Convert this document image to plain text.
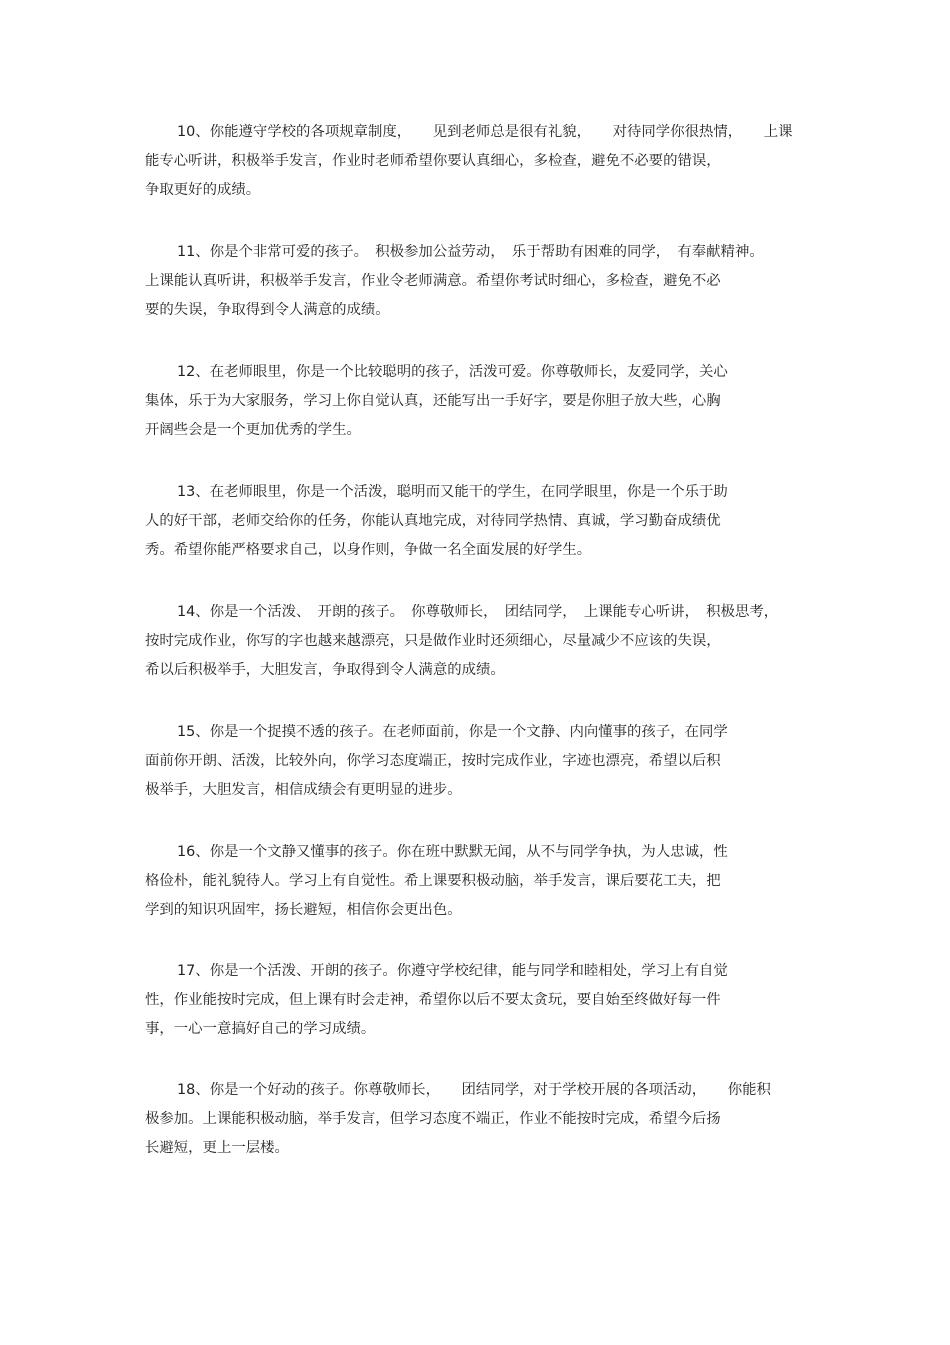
10、你能遵守学校的各项规章制度，　　见到老师总是很有礼貌，　　对待同学你很热情，　　上课
能专心听讲，积极举手发言，作业时老师希望你要认真细心，多检查，避免不必要的错误，
争取更好的成绩。
11、你是个非常可爱的孩子。　积极参加公益劳动，　乐于帮助有困难的同学，　有奉献精神。
上课能认真听讲，积极举手发言，作业令老师满意。希望你考试时细心，多检查，避免不必
要的失误，争取得到令人满意的成绩。
12、在老师眼里，你是一个比较聪明的孩子，活泼可爱。你尊敬师长，友爱同学，关心
集体，乐于为大家服务，学习上你自觉认真，还能写出一手好字，要是你胆子放大些，心胸
开阔些会是一个更加优秀的学生。
13、在老师眼里，你是一个活泼，聪明而又能干的学生，在同学眼里，你是一个乐于助
人的好干部，老师交给你的任务，你能认真地完成，对待同学热情、真诚，学习勤奋成绩优
秀。希望你能严格要求自己，以身作则，争做一名全面发展的好学生。
14、你是一个活泼、　开朗的孩子。　你尊敬师长，　团结同学，　上课能专心听讲，　积极思考，
按时完成作业，你写的字也越来越漂亮，只是做作业时还须细心，尽量减少不应该的失误，
希以后积极举手，大胆发言，争取得到令人满意的成绩。
15、你是一个捉摸不透的孩子。在老师面前，你是一个文静、内向懂事的孩子，在同学
面前你开朗、活泼，比较外向，你学习态度端正，按时完成作业，字迹也漂亮，希望以后积
极举手，大胆发言，相信成绩会有更明显的进步。
16、你是一个文静又懂事的孩子。你在班中默默无闻，从不与同学争执，为人忠诚，性
格俭朴，能礼貌待人。学习上有自觉性。希上课要积极动脑，举手发言，课后要花工夫，把
学到的知识巩固牢，扬长避短，相信你会更出色。
17、你是一个活泼、开朗的孩子。你遵守学校纪律，能与同学和睦相处，学习上有自觉
性，作业能按时完成，但上课有时会走神，希望你以后不要太贪玩，要自始至终做好每一件
事，一心一意搞好自己的学习成绩。
18、你是一个好动的孩子。你尊敬师长，　　团结同学，对于学校开展的各项活动，　　你能积
极参加。上课能积极动脑，举手发言，但学习态度不端正，作业不能按时完成，希望今后扬
长避短，更上一层楼。
